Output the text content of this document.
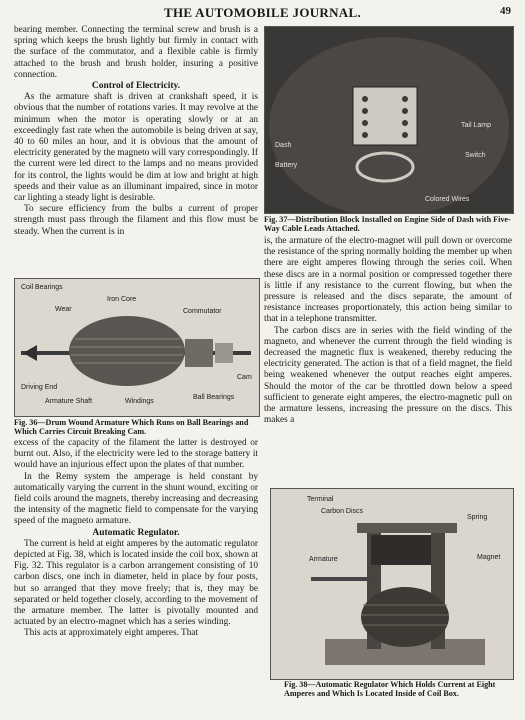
THE AUTOMOBILE JOURNAL.	49

bearing member. Connecting the terminal screw and brush is a spring which keeps the brush lightly but firmly in contact with the surface of the commutator, and a flexible cable is firmly attached to the brush and brush holder, insuring a positive connection.

Control of Electricity.

As the armature shaft is driven at crankshaft speed, it is obvious that the number of rotations varies. It may revolve at the minimum when the motor is operating slowly or at an exceedingly fast rate when the automobile is being driven at say, 40 to 60 miles an hour, and it is obvious that the amount of electricity generated by the magneto will vary correspondingly. If the current were led direct to the lamps and no means provided for its control, the lights would be dim at low and bright at high speeds and their value as an illuminant impaired, since in motor car lighting a steady light is desirable.

To secure efficiency from the bulbs a current of proper strength must pass through the filament and this flow must be steady. When the current is in

Coil Bearings
Iron Core
Wear	Commutator
Driving End
Armature Shaft	Windings
Ball Bearings
Cam
Fig. 36—Drum Wound Armature Which Runs on Ball Bearings and Which Carries Circuit Breaking Cam.

excess of the capacity of the filament the latter is destroyed or burnt out. Also, if the electricity were led to the storage battery it would have an injurious effect upon the plates of that number.

In the Remy system the amperage is held constant by automatically varying the current in the shunt wound, exciting or field coils around the magnets, thereby increasing and decreasing the intensity of the magnetic field to compensate for the varying speed of the magneto armature.

Automatic Regulator.

The current is held at eight amperes by the automatic regulator depicted at Fig. 38, which is located inside the coil box, shown at Fig. 32. This regulator is a carbon arrangement consisting of 10 carbon discs, one inch in diameter, held in place by four posts, but so arranged that they move freely; that is, they may be separated or held together closely, according to the movement of the armature member. The latter is pivotally mounted and actuated by an electro-magnet which has a series winding.

This acts at approximately eight amperes. That

Dash
Battery
Tail Lamp
Colored Wires
Switch
Fig. 37—Distribution Block Installed on Engine Side of Dash with Five-Way Cable Leads Attached.

is, the armature of the electro-magnet will pull down or overcome the resistance of the spring normally holding the member up when there are eight amperes flowing through the series coil. When these discs are in a normal position or compressed together there is little if any resistance to the current flowing, but when the pressure is released and the discs separate, the amount of resistance increases proportionately, this action being similar to that in a telephone transmitter.

The carbon discs are in series with the field winding of the magneto, and whenever the current through the field winding is decreased the magnetic flux is weakened, thereby reducing the electricity generated. The action is that of a field magnet, the field being weakened whenever the output reaches eight amperes. Should the motor of the car be throttled down below a speed sufficient to generate eight amperes, the electro-magnetic pull on the armature lessens, increasing the pressure on the discs. This makes a

Terminal
Carbon Discs
Spring
Armature	Magnet
Fig. 38—Automatic Regulator Which Holds Current at Eight Amperes and Which Is Located Inside of Coil Box.
